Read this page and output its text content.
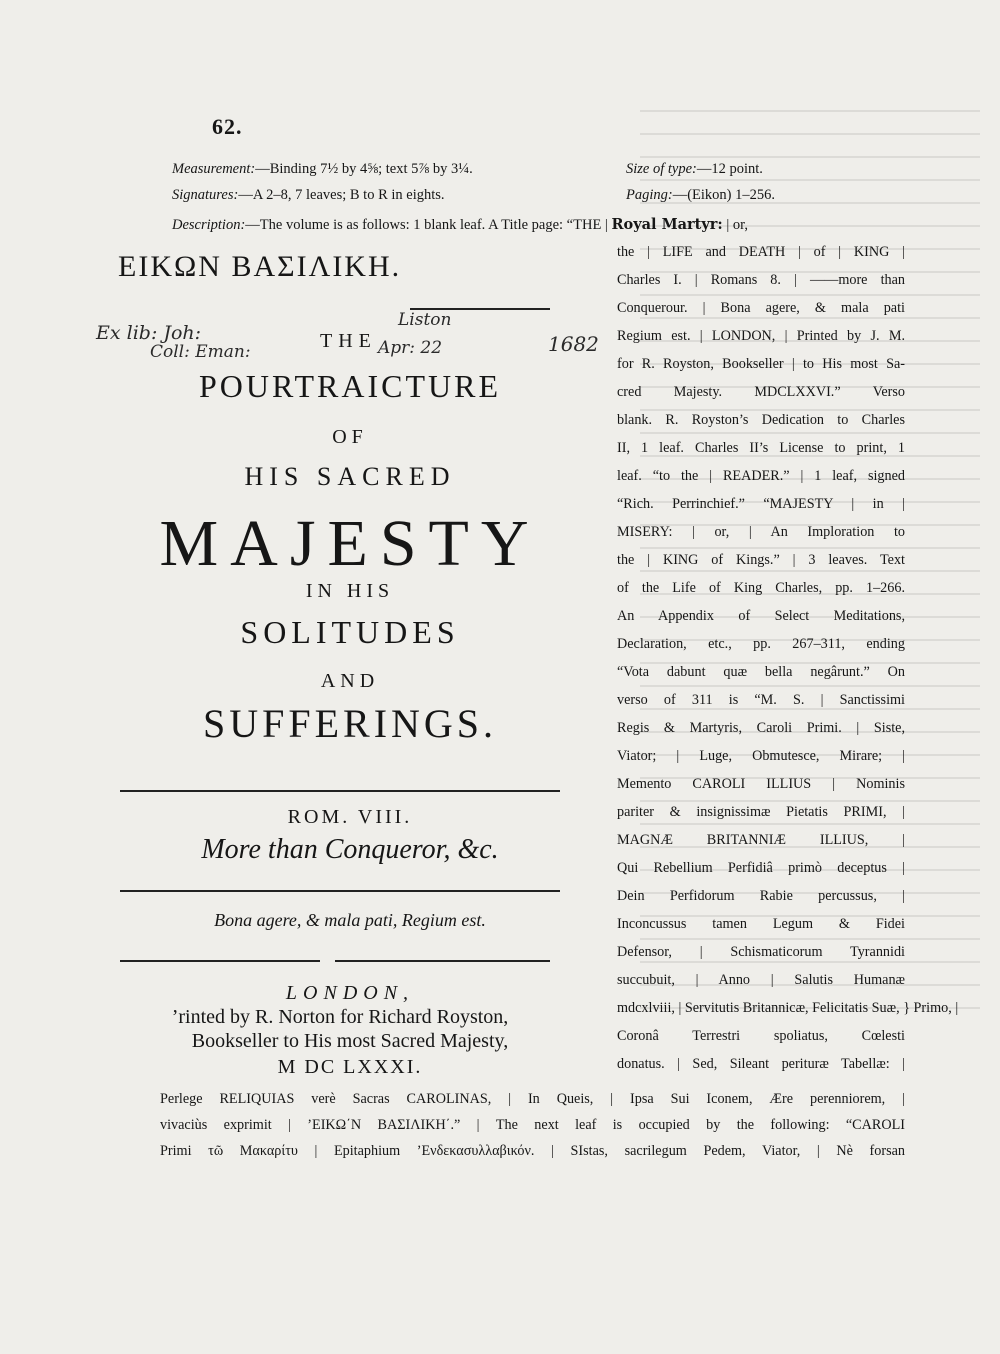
62.
Measurement:—Binding 7½ by 4⅝; text 5⅞ by 3¼.
Signatures:—A 2–8, 7 leaves; B to R in eights.
Size of type:—12 point.
Paging:—(Eikon) 1–256.
Description:—The volume is as follows: 1 blank leaf. A Title page: “THE | Royal Martyr: | or,
the | LIFE and DEATH | of | KING |
Charles I. | Romans 8. | ——more than
Conquerour. | Bona agere, & mala pati
Regium est. | LONDON, | Printed by J. M.
for R. Royston, Bookseller | to His most Sa-
cred Majesty. MDCLXXVI.” Verso
blank. R. Royston’s Dedication to Charles
II, 1 leaf. Charles II’s License to print, 1
leaf. “to the | READER.” | 1 leaf, signed
“Rich. Perrinchief.” “MAJESTY | in |
MISERY: | or, | An Imploration to
the | KING of Kings.” | 3 leaves. Text
of the Life of King Charles, pp. 1–266.
An Appendix of Select Meditations,
Declaration, etc., pp. 267–311, ending
“Vota dabunt quæ bella negârunt.” On
verso of 311 is “M. S. | Sanctissimi
Regis & Martyris, Caroli Primi. | Siste,
Viator; | Luge, Obmutesce, Mirare; |
Memento CAROLI ILLIUS | Nominis
pariter & insignissimæ Pietatis PRIMI, |
MAGNÆ BRITANNIÆ ILLIUS, |
Qui Rebellium Perfidiâ primò deceptus |
Dein Perfidorum Rabie percussus, |
Inconcussus tamen Legum & Fidei
Defensor, | Schismaticorum Tyrannidi
succubuit, | Anno | Salutis Humanæ
mdcxlviii, | Servitutis Britannicæ, Felicitatis Suæ, } Primo, |
Coronâ Terrestri spoliatus, Cœlesti
donatus. | Sed, Sileant perituræ Tabellæ: |

Perlege RELIQUIAS verè Sacras CAROLINAS, | In Queis, | Ipsa Sui Iconem, Ære perenniorem, |

vivaciùs exprimit | ’ΕΙΚΩ΄Ν ΒΑΣΙΛΙΚΗ΄.” | The next leaf is occupied by the following: “CAROLI

Primi τῶ Μακαρίτυ | Epitaphium ’Ενδεκασυλλαβικόν. | SIstas, sacrilegum Pedem, Viator, | Nè forsan

ΕΙΚΩΝ ΒΑΣΙΛΙΚΗ.
THE
POURTRAICTURE
OF
HIS SACRED
MAJESTY
IN HIS
SOLITUDES
AND
SUFFERINGS.
ROM. VIII.
Bona agere, & mala pati, Regium est.
More than Conqueror, &c.
LONDON,
’rinted by R. Norton for Richard Royston,
Bookseller to His most Sacred Majesty,
M DC LXXXI.
Ex lib: Joh:
Coll: Eman:
Liston
Apr: 22	1682
